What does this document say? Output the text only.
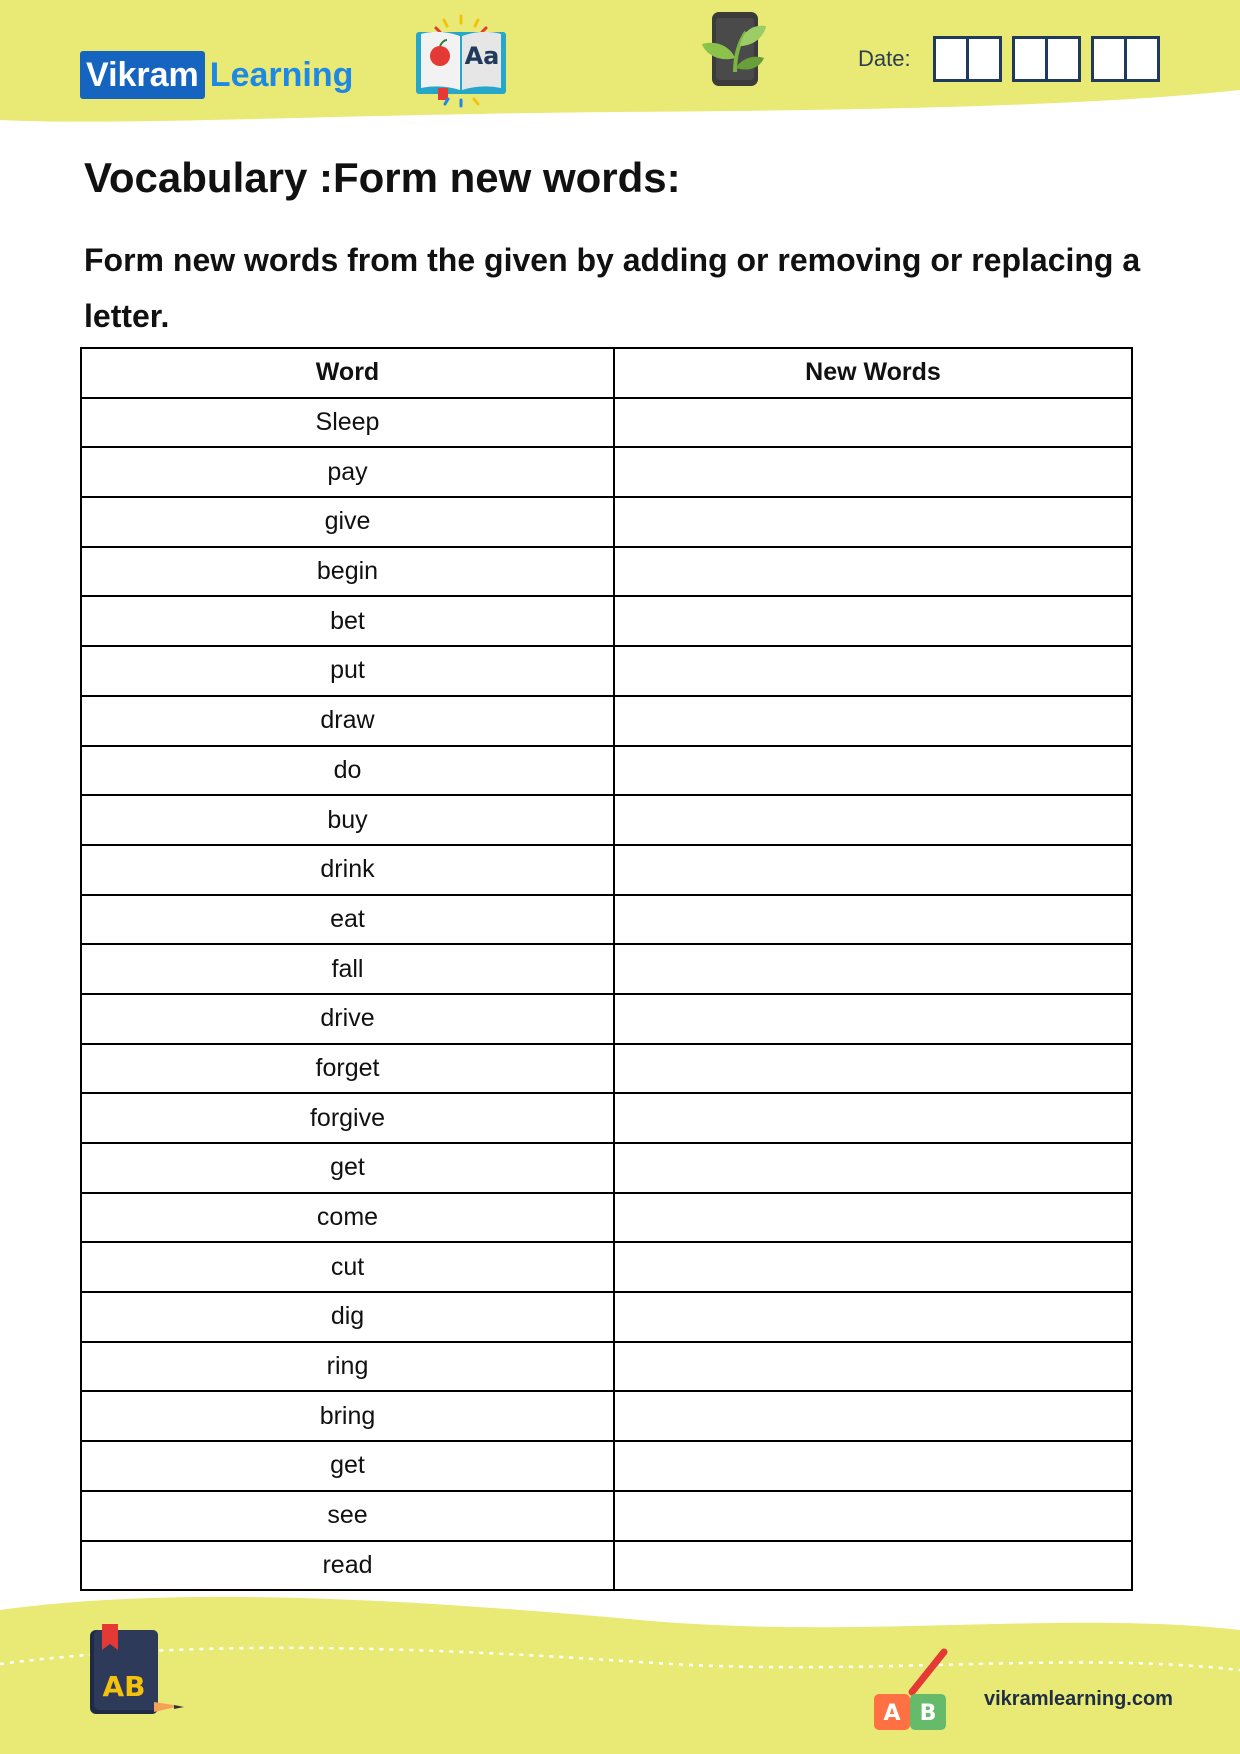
Vikram Learning	Aa	Date:
Vocabulary :Form new words:

Form new words from the given by adding or removing or replacing a letter.

Word	New Words
Sleep	
pay	
give	
begin	
bet	
put	
draw	
do	
buy	
drink	
eat	
fall	
drive	
forget	
forgive	
get	
come	
cut	
dig	
ring	
bring	
get	
see	
read	
AB
A B
vikramlearning.com
